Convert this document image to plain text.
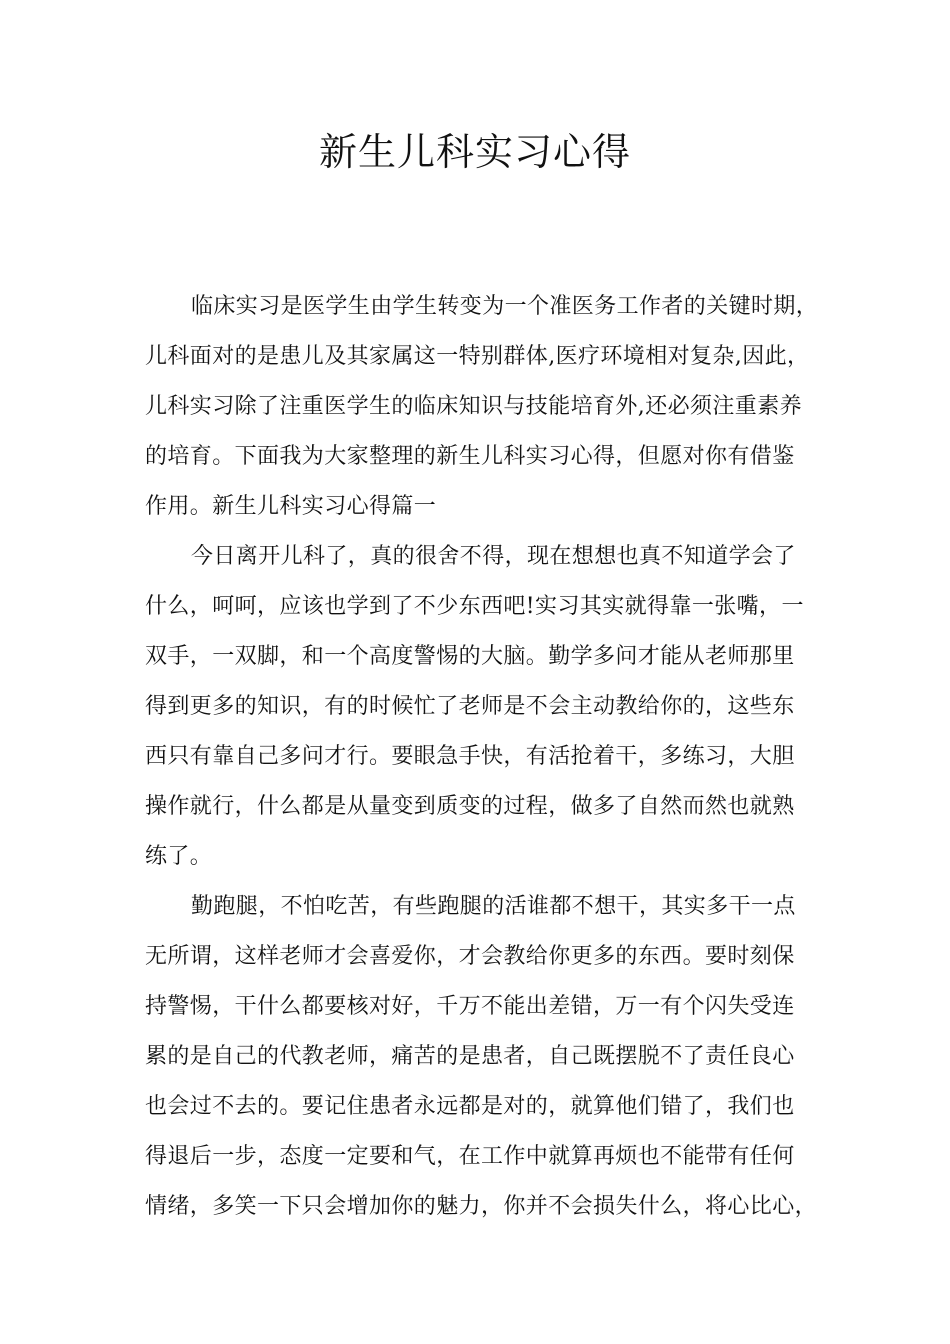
新生儿科实习心得
临床实习是医学生由学生转变为一个准医务工作者的关键时期，
儿科面对的是患儿及其家属这一特别群体,医疗环境相对复杂,因此，
儿科实习除了注重医学生的临床知识与技能培育外,还必须注重素养
的培育。下面我为大家整理的新生儿科实习心得，但愿对你有借鉴
作用。新生儿科实习心得篇一
今日离开儿科了，真的很舍不得，现在想想也真不知道学会了
什么，呵呵，应该也学到了不少东西吧!实习其实就得靠一张嘴，一
双手，一双脚，和一个高度警惕的大脑。勤学多问才能从老师那里
得到更多的知识，有的时候忙了老师是不会主动教给你的，这些东
西只有靠自己多问才行。要眼急手快，有活抢着干，多练习，大胆
操作就行，什么都是从量变到质变的过程，做多了自然而然也就熟
练了。
勤跑腿，不怕吃苦，有些跑腿的活谁都不想干，其实多干一点
无所谓，这样老师才会喜爱你，才会教给你更多的东西。要时刻保
持警惕，干什么都要核对好，千万不能出差错，万一有个闪失受连
累的是自己的代教老师，痛苦的是患者，自己既摆脱不了责任良心
也会过不去的。要记住患者永远都是对的，就算他们错了，我们也
得退后一步，态度一定要和气，在工作中就算再烦也不能带有任何
情绪，多笑一下只会增加你的魅力，你并不会损失什么，将心比心，
